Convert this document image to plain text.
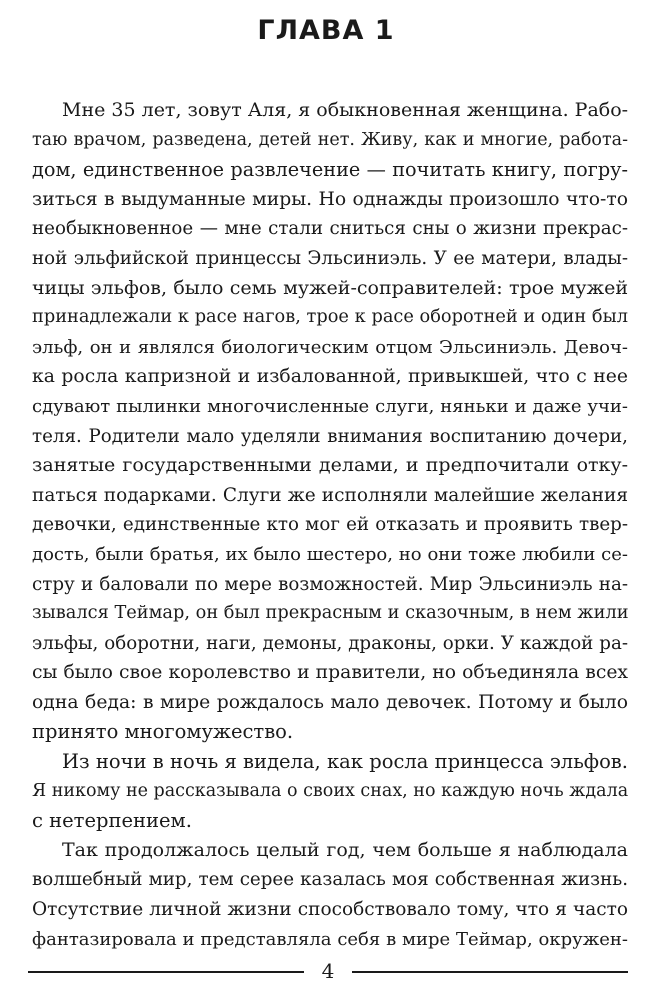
ГЛАВА 1
Мне 35 лет, зовут Аля, я обыкновенная женщина. Рабо-
таю врачом, разведена, детей нет. Живу, как и многие, работа-
дом, единственное развлечение — почитать книгу, погру-
зиться в выдуманные миры. Но однажды произошло что-то
необыкновенное — мне стали сниться сны о жизни прекрас-
ной эльфийской принцессы Эльсиниэль. У ее матери, влады-
чицы эльфов, было семь мужей-соправителей: трое мужей
принадлежали к расе нагов, трое к расе оборотней и один был
эльф, он и являлся биологическим отцом Эльсиниэль. Девоч-
ка росла капризной и избалованной, привыкшей, что с нее
сдувают пылинки многочисленные слуги, няньки и даже учи-
теля. Родители мало уделяли внимания воспитанию дочери,
занятые государственными делами, и предпочитали отку-
паться подарками. Слуги же исполняли малейшие желания
девочки, единственные кто мог ей отказать и проявить твер-
дость, были братья, их было шестеро, но они тоже любили се-
стру и баловали по мере возможностей. Мир Эльсиниэль на-
зывался Теймар, он был прекрасным и сказочным, в нем жили
эльфы, оборотни, наги, демоны, драконы, орки. У каждой ра-
сы было свое королевство и правители, но объединяла всех
одна беда: в мире рождалось мало девочек. Потому и было
принято многомужество.
Из ночи в ночь я видела, как росла принцесса эльфов.
Я никому не рассказывала о своих снах, но каждую ночь ждала
с нетерпением.
Так продолжалось целый год, чем больше я наблюдала
волшебный мир, тем серее казалась моя собственная жизнь.
Отсутствие личной жизни способствовало тому, что я часто
фантазировала и представляла себя в мире Теймар, окружен-
4
